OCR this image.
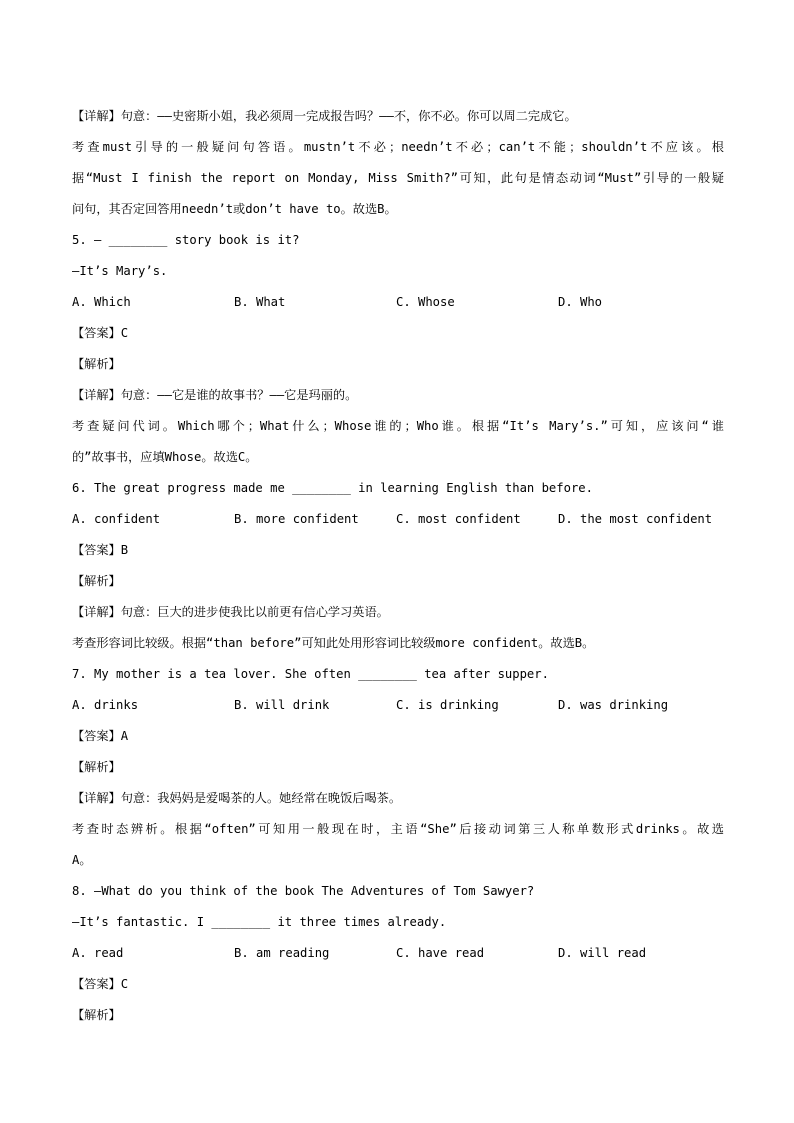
【详解】句意：——史密斯小姐，我必须周一完成报告吗？——不，你不必。你可以周二完成它。
考查must引导的一般疑问句答语。mustn’t不必；needn’t不必；can’t不能；shouldn’t不应该。根
据“Must I finish the report on Monday, Miss Smith?”可知，此句是情态动词“Must”引导的一般疑
问句，其否定回答用needn’t或don’t have to。故选B。
5. — ________ story book is it?
—It’s Mary’s.
A. Which	B. What	C. Whose	D. Who
【答案】C
【解析】
【详解】句意：——它是谁的故事书？——它是玛丽的。
考查疑问代词。Which哪个；What什么；Whose谁的；Who谁。根据“It’s Mary’s.”可知，应该问“谁
的”故事书，应填Whose。故选C。
6. The great progress made me ________ in learning English than before.
A. confident	B. more confident	C. most confident	D. the most confident
【答案】B
【解析】
【详解】句意：巨大的进步使我比以前更有信心学习英语。
考查形容词比较级。根据“than before”可知此处用形容词比较级more confident。故选B。
7. My mother is a tea lover. She often ________ tea after supper.
A. drinks	B. will drink	C. is drinking	D. was drinking
【答案】A
【解析】
【详解】句意：我妈妈是爱喝茶的人。她经常在晚饭后喝茶。
考查时态辨析。根据“often”可知用一般现在时，主语“She”后接动词第三人称单数形式drinks。故选
A。
8. —What do you think of the book The Adventures of Tom Sawyer?
—It’s fantastic. I ________ it three times already.
A. read	B. am reading	C. have read	D. will read
【答案】C
【解析】
